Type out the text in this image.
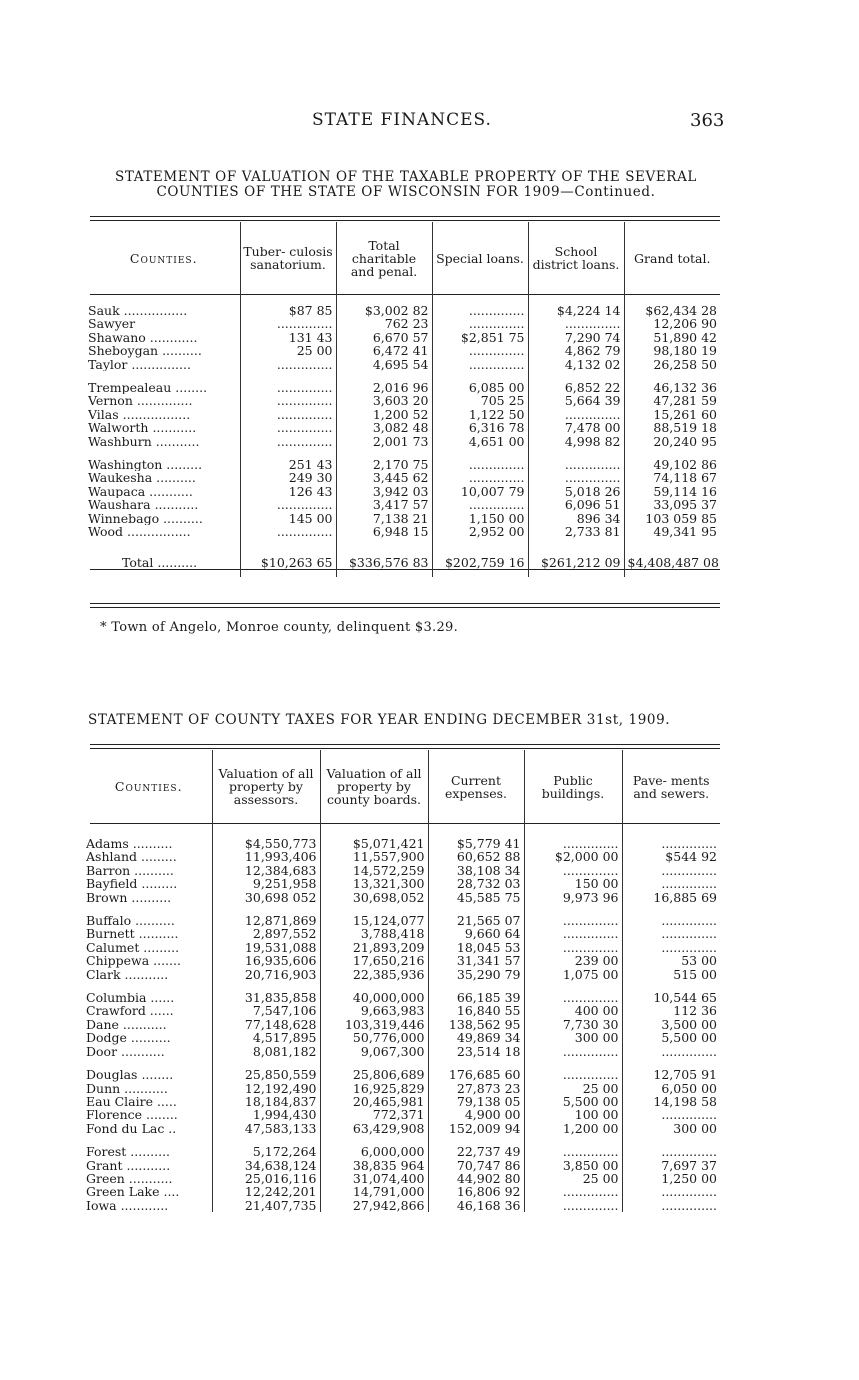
STATE FINANCES.	363
STATEMENT OF VALUATION OF THE TAXABLE PROPERTY OF THE SEVERAL
COUNTIES OF THE STATE OF WISCONSIN FOR 1909—Continued.
Counties.	Tuber- culosis sanatorium.	Total charitable and penal.	Special loans.	School district loans.	Grand total.

Sauk ................	$87 85	$3,002 82	..............	$4,224 14	$62,434 28
Sawyer	..............	762 23	..............	..............	12,206 90
Shawano ............	131 43	6,670 57	$2,851 75	7,290 74	51,890 42
Sheboygan ..........	25 00	6,472 41	..............	4,862 79	98,180 19
Taylor ...............	..............	4,695 54	..............	4,132 02	26,258 50

Trempealeau ........	..............	2,016 96	6,085 00	6,852 22	46,132 36
Vernon ..............	..............	3,603 20	705 25	5,664 39	47,281 59
Vilas .................	..............	1,200 52	1,122 50	..............	15,261 60
Walworth ...........	..............	3,082 48	6,316 78	7,478 00	88,519 18
Washburn ...........	..............	2,001 73	4,651 00	4,998 82	20,240 95

Washington .........	251 43	2,170 75	..............	..............	49,102 86
Waukesha ..........	249 30	3,445 62	..............	..............	74,118 67
Waupaca ...........	126 43	3,942 03	10,007 79	5,018 26	59,114 16
Waushara ...........	..............	3,417 57	..............	6,096 51	33,095 37
Winnebago ..........	145 00	7,138 21	1,150 00	896 34	103 059 85
Wood ................	..............	6,948 15	2,952 00	2,733 81	49,341 95

Total ..........	$10,263 65	$336,576 83	$202,759 16	$261,212 09	$4,408,487 08
* Town of Angelo, Monroe county, delinquent $3.29.
STATEMENT OF COUNTY TAXES FOR YEAR ENDING DECEMBER 31st, 1909.
Counties.	Valuation of all property by assessors.	Valuation of all property by county boards.	Current expenses.	Public buildings.	Pave- ments and sewers.

Adams ..........	$4,550,773	$5,071,421	$5,779 41	..............	..............
Ashland .........	11,993,406	11,557,900	60,652 88	$2,000 00	$544 92
Barron ..........	12,384,683	14,572,259	38,108 34	..............	..............
Bayfield .........	9,251,958	13,321,300	28,732 03	150 00	..............
Brown ..........	30,698 052	30,698,052	45,585 75	9,973 96	16,885 69

Buffalo ..........	12,871,869	15,124,077	21,565 07	..............	..............
Burnett ..........	2,897,552	3,788,418	9,660 64	..............	..............
Calumet .........	19,531,088	21,893,209	18,045 53	..............	..............
Chippewa .......	16,935,606	17,650,216	31,341 57	239 00	53 00
Clark ...........	20,716,903	22,385,936	35,290 79	1,075 00	515 00

Columbia ......	31,835,858	40,000,000	66,185 39	..............	10,544 65
Crawford ......	7,547,106	9,663,983	16,840 55	400 00	112 36
Dane ...........	77,148,628	103,319,446	138,562 95	7,730 30	3,500 00
Dodge ..........	4,517,895	50,776,000	49,869 34	300 00	5,500 00
Door ...........	8,081,182	9,067,300	23,514 18	..............	..............

Douglas ........	25,850,559	25,806,689	176,685 60	..............	12,705 91
Dunn ...........	12,192,490	16,925,829	27,873 23	25 00	6,050 00
Eau Claire .....	18,184,837	20,465,981	79,138 05	5,500 00	14,198 58
Florence ........	1,994,430	772,371	4,900 00	100 00	..............
Fond du Lac ..	47,583,133	63,429,908	152,009 94	1,200 00	300 00

Forest ..........	5,172,264	6,000,000	22,737 49	..............	..............
Grant ...........	34,638,124	38,835 964	70,747 86	3,850 00	7,697 37
Green ...........	25,016,116	31,074,400	44,902 80	25 00	1,250 00
Green Lake ....	12,242,201	14,791,000	16,806 92	..............	..............
Iowa ............	21,407,735	27,942,866	46,168 36	..............	..............
